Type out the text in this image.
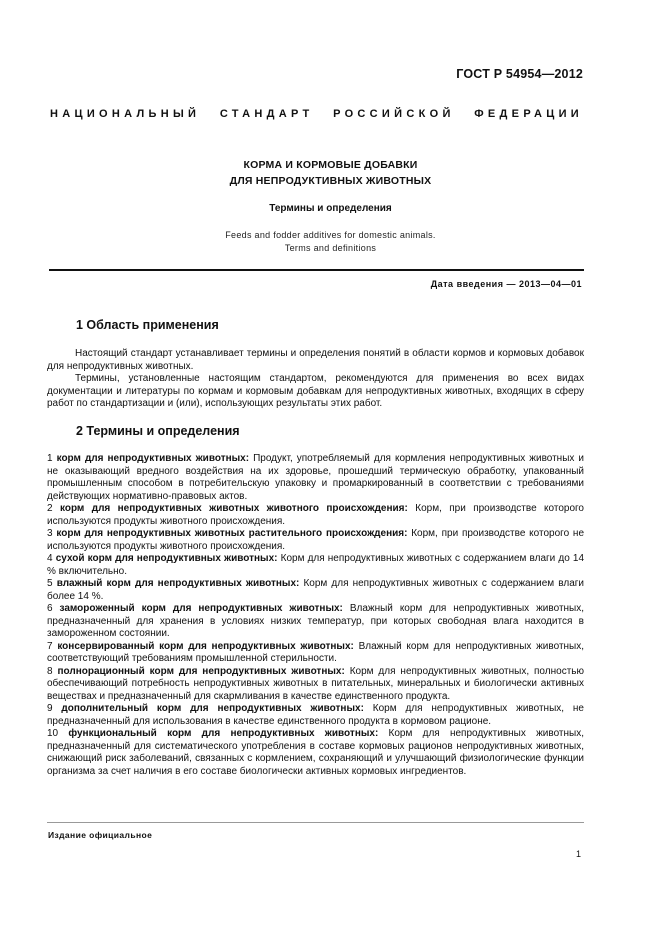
ГОСТ Р 54954—2012
НАЦИОНАЛЬНЫЙ СТАНДАРТ РОССИЙСКОЙ ФЕДЕРАЦИИ
КОРМА И КОРМОВЫЕ ДОБАВКИ
ДЛЯ НЕПРОДУКТИВНЫХ ЖИВОТНЫХ
Термины и определения
Feeds and fodder additives for domestic animals.
Terms and definitions
Дата введения — 2013—04—01
1 Область применения

Настоящий стандарт устанавливает термины и определения понятий в области кормов и кормовых добавок для непродуктивных животных.

Термины, установленные настоящим стандартом, рекомендуются для применения во всех видах документации и литературы по кормам и кормовым добавкам для непродуктивных животных, входящих в сферу работ по стандартизации и (или), использующих результаты этих работ.

2 Термины и определения

1 корм для непродуктивных животных: Продукт, употребляемый для кормления непродуктивных животных и не оказывающий вредного воздействия на их здоровье, прошедший термическую обработку, упакованный промышленным способом в потребительскую упаковку и промаркированный в соответствии с требованиями действующих нормативно-правовых актов.

2 корм для непродуктивных животных животного происхождения: Корм, при производстве которого используются продукты животного происхождения.

3 корм для непродуктивных животных растительного происхождения: Корм, при производстве которого не используются продукты животного происхождения.

4 сухой корм для непродуктивных животных: Корм для непродуктивных животных с содержанием влаги до 14 % включительно.

5 влажный корм для непродуктивных животных: Корм для непродуктивных животных с содержанием влаги более 14 %.

6 замороженный корм для непродуктивных животных: Влажный корм для непродуктивных животных, предназначенный для хранения в условиях низких температур, при которых свободная влага находится в замороженном состоянии.

7 консервированный корм для непродуктивных животных: Влажный корм для непродуктивных животных, соответствующий требованиям промышленной стерильности.

8 полнорационный корм для непродуктивных животных: Корм для непродуктивных животных, полностью обеспечивающий потребность непродуктивных животных в питательных, минеральных и биологически активных веществах и предназначенный для скармливания в качестве единственного продукта.

9 дополнительный корм для непродуктивных животных: Корм для непродуктивных животных, не предназначенный для использования в качестве единственного продукта в кормовом рационе.

10 функциональный корм для непродуктивных животных: Корм для непродуктивных животных, предназначенный для систематического употребления в составе кормовых рационов непродуктивных животных, снижающий риск заболеваний, связанных с кормлением, сохраняющий и улучшающий физиологические функции организма за счет наличия в его составе биологически активных кормовых ингредиентов.

Издание официальное
1
